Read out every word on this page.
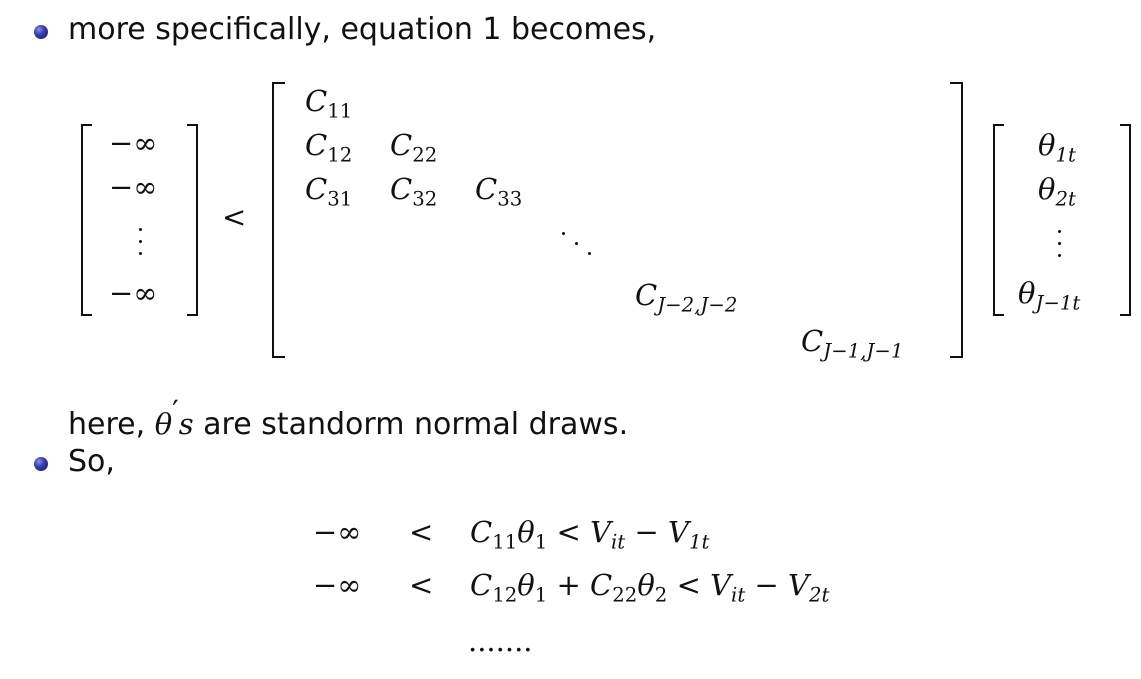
more specifically, equation 1 becomes,
−∞
−∞
−∞
<
$C_{11}$
$C_{12}$ $C_{22}$
$C_{31}$ $C_{32}$ $C_{33}$
$C_{J-2,J-2}$
$C_{J-1,J-1}$
$\theta_{1t}$
$\theta_{2t}$
$\theta_{J-1t}$
here, θ′s are standorm normal draws.
So,
−∞ < $C_{11}\theta_1 < V_{it} - V_{1t}$
−∞ < $C_{12}\theta_1 + C_{22}\theta_2 < V_{it} - V_{2t}$
.......
